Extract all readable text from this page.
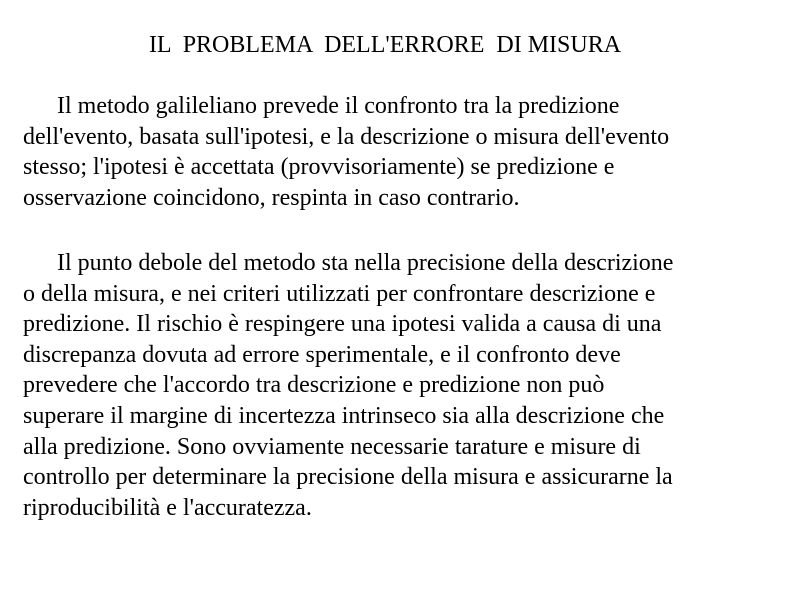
IL  PROBLEMA  DELL'ERRORE  DI MISURA
Il metodo galileliano prevede il confronto tra la predizione
dell'evento, basata sull'ipotesi, e la descrizione o misura dell'evento
stesso; l'ipotesi è accettata (provvisoriamente) se predizione e
osservazione coincidono, respinta in caso contrario.
Il punto debole del metodo sta nella precisione della descrizione
o della misura, e nei criteri utilizzati per confrontare descrizione e
predizione. Il rischio è respingere una ipotesi valida a causa di una
discrepanza dovuta ad errore sperimentale, e il confronto deve
prevedere che l'accordo tra descrizione e predizione non può
superare il margine di incertezza intrinseco sia alla descrizione che
alla predizione. Sono ovviamente necessarie tarature e misure di
controllo per determinare la precisione della misura e assicurarne la
riproducibilità e l'accuratezza.
